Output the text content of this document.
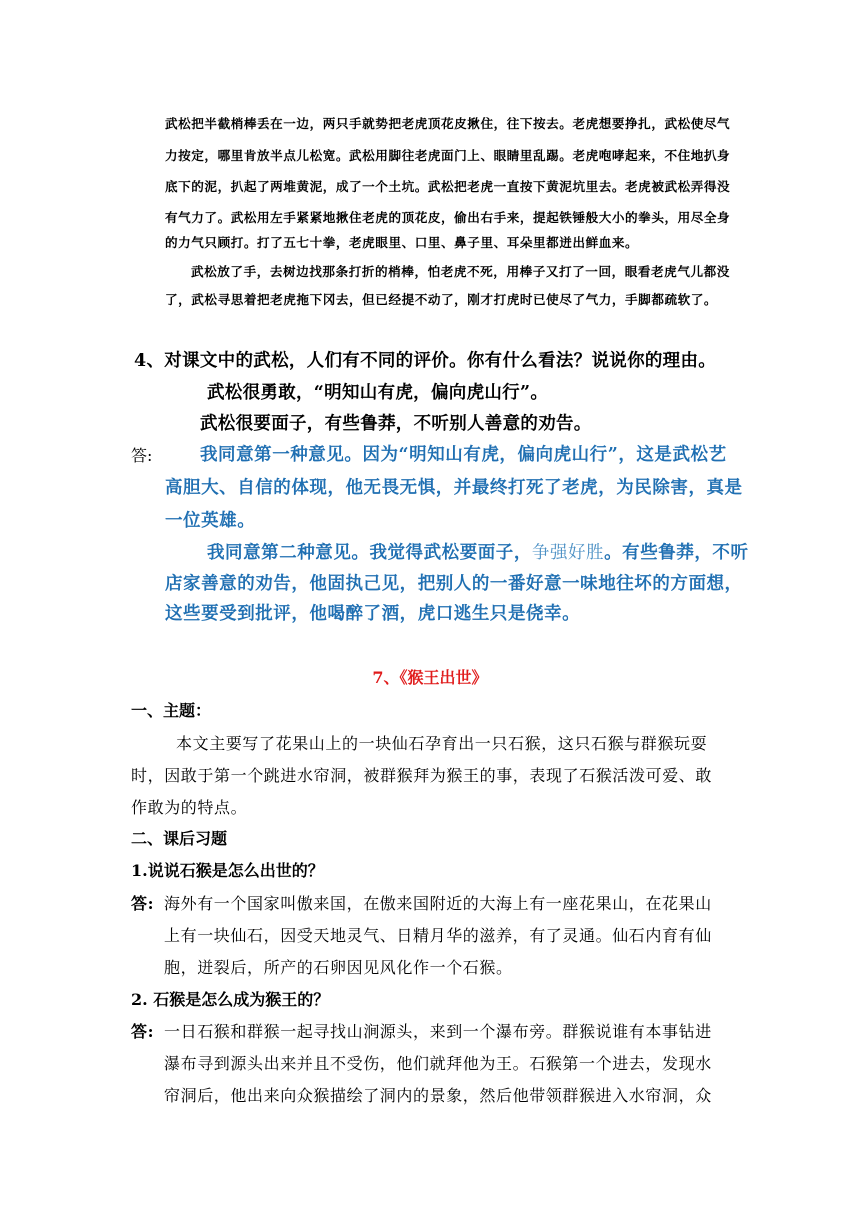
武松把半截梢棒丢在一边，两只手就势把老虎顶花皮揪住，往下按去。老虎想要挣扎，武松使尽气
力按定，哪里肯放半点儿松宽。武松用脚往老虎面门上、眼睛里乱踢。老虎咆哮起来，不住地扒身
底下的泥，扒起了两堆黄泥，成了一个土坑。武松把老虎一直按下黄泥坑里去。老虎被武松弄得没
有气力了。武松用左手紧紧地揪住老虎的顶花皮，偷出右手来，提起铁锤般大小的拳头，用尽全身
的力气只顾打。打了五七十拳，老虎眼里、口里、鼻子里、耳朵里都迸出鲜血来。
武松放了手，去树边找那条打折的梢棒，怕老虎不死，用棒子又打了一回，眼看老虎气儿都没
了，武松寻思着把老虎拖下冈去，但已经提不动了，刚才打虎时已使尽了气力，手脚都疏软了。
4、对课文中的武松，人们有不同的评价。你有什么看法？说说你的理由。
武松很勇敢，“明知山有虎，偏向虎山行”。
武松很要面子，有些鲁莽，不听别人善意的劝告。
答:	我同意第一种意见。因为“明知山有虎，偏向虎山行”，这是武松艺
高胆大、自信的体现，他无畏无惧，并最终打死了老虎，为民除害，真是
一位英雄。
我同意第二种意见。我觉得武松要面子，争强好胜。有些鲁莽，不听
店家善意的劝告，他固执己见，把别人的一番好意一味地往坏的方面想，
这些要受到批评，他喝醉了酒，虎口逃生只是侥幸。
7、《猴王出世》
一、主题：
本文主要写了花果山上的一块仙石孕育出一只石猴，这只石猴与群猴玩耍
时，因敢于第一个跳进水帘洞，被群猴拜为猴王的事，表现了石猴活泼可爱、敢
作敢为的特点。
二、课后习题
1.说说石猴是怎么出世的？
答: 海外有一个国家叫傲来国，在傲来国附近的大海上有一座花果山，在花果山
上有一块仙石，因受天地灵气、日精月华的滋养，有了灵通。仙石内育有仙
胞，迸裂后，所产的石卵因见风化作一个石猴。
2. 石猴是怎么成为猴王的？
答: 一日石猴和群猴一起寻找山涧源头，来到一个瀑布旁。群猴说谁有本事钻进
瀑布寻到源头出来并且不受伤，他们就拜他为王。石猴第一个进去，发现水
帘洞后，他出来向众猴描绘了洞内的景象，然后他带领群猴进入水帘洞，众
